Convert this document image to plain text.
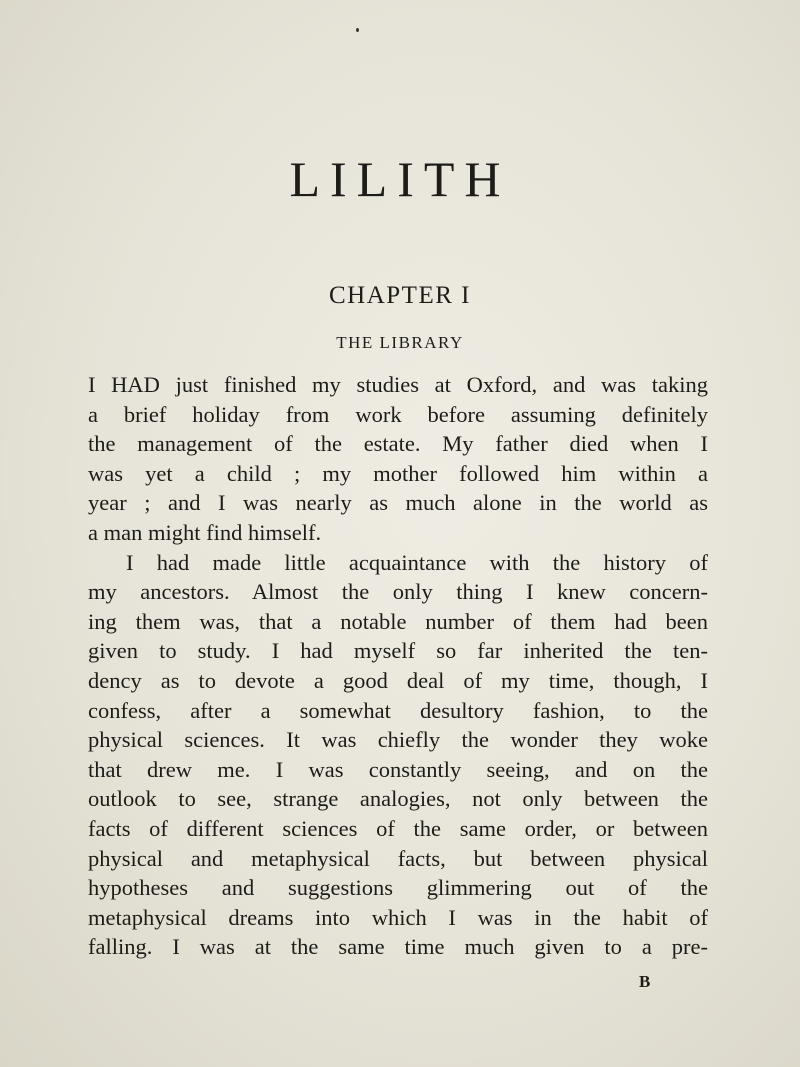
LILITH
CHAPTER I
THE LIBRARY
I HAD just finished my studies at Oxford, and was taking
a brief holiday from work before assuming definitely
the management of the estate. My father died when I
was yet a child ; my mother followed him within a
year ; and I was nearly as much alone in the world as
a man might find himself.
I had made little acquaintance with the history of
my ancestors. Almost the only thing I knew concern-
ing them was, that a notable number of them had been
given to study. I had myself so far inherited the ten-
dency as to devote a good deal of my time, though, I
confess, after a somewhat desultory fashion, to the
physical sciences. It was chiefly the wonder they woke
that drew me. I was constantly seeing, and on the
outlook to see, strange analogies, not only between the
facts of different sciences of the same order, or between
physical and metaphysical facts, but between physical
hypotheses and suggestions glimmering out of the
metaphysical dreams into which I was in the habit of
falling. I was at the same time much given to a pre-
B
